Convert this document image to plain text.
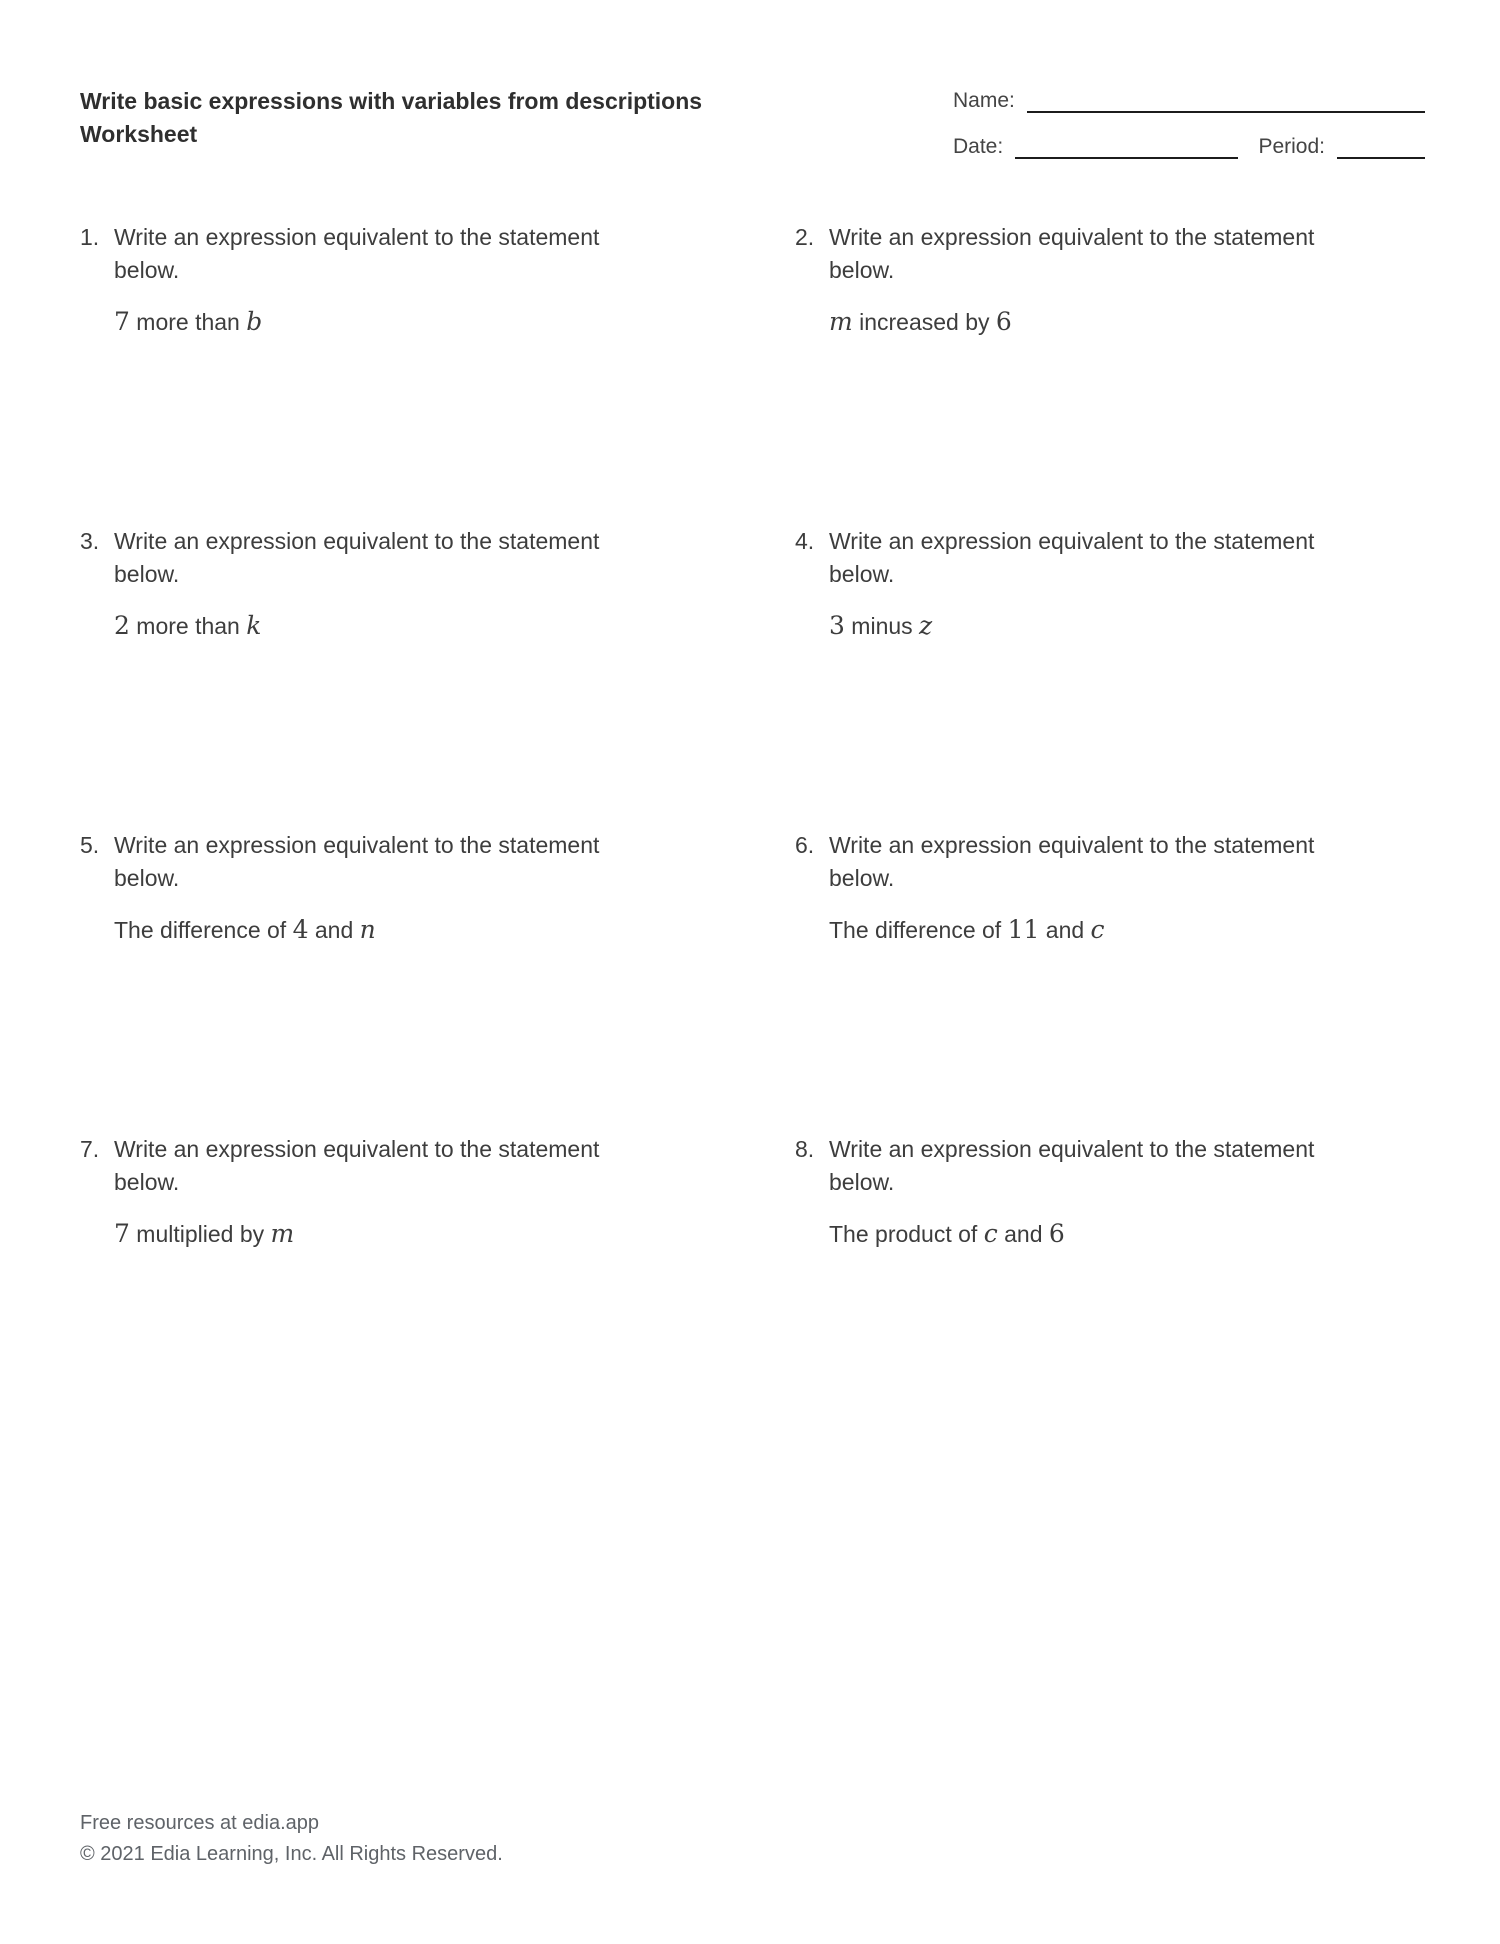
Write basic expressions with variables from descriptions
Worksheet
Name:
Date:	Period:
1. Write an expression equivalent to the statement
below.

7 more than b

2. Write an expression equivalent to the statement
below.

m increased by 6

3. Write an expression equivalent to the statement
below.

2 more than k

4. Write an expression equivalent to the statement
below.

3 minus z

5. Write an expression equivalent to the statement
below.

The difference of 4 and n

6. Write an expression equivalent to the statement
below.

The difference of 11 and c

7. Write an expression equivalent to the statement
below.

7 multiplied by m

8. Write an expression equivalent to the statement
below.

The product of c and 6

Free resources at edia.app

© 2021 Edia Learning, Inc. All Rights Reserved.
